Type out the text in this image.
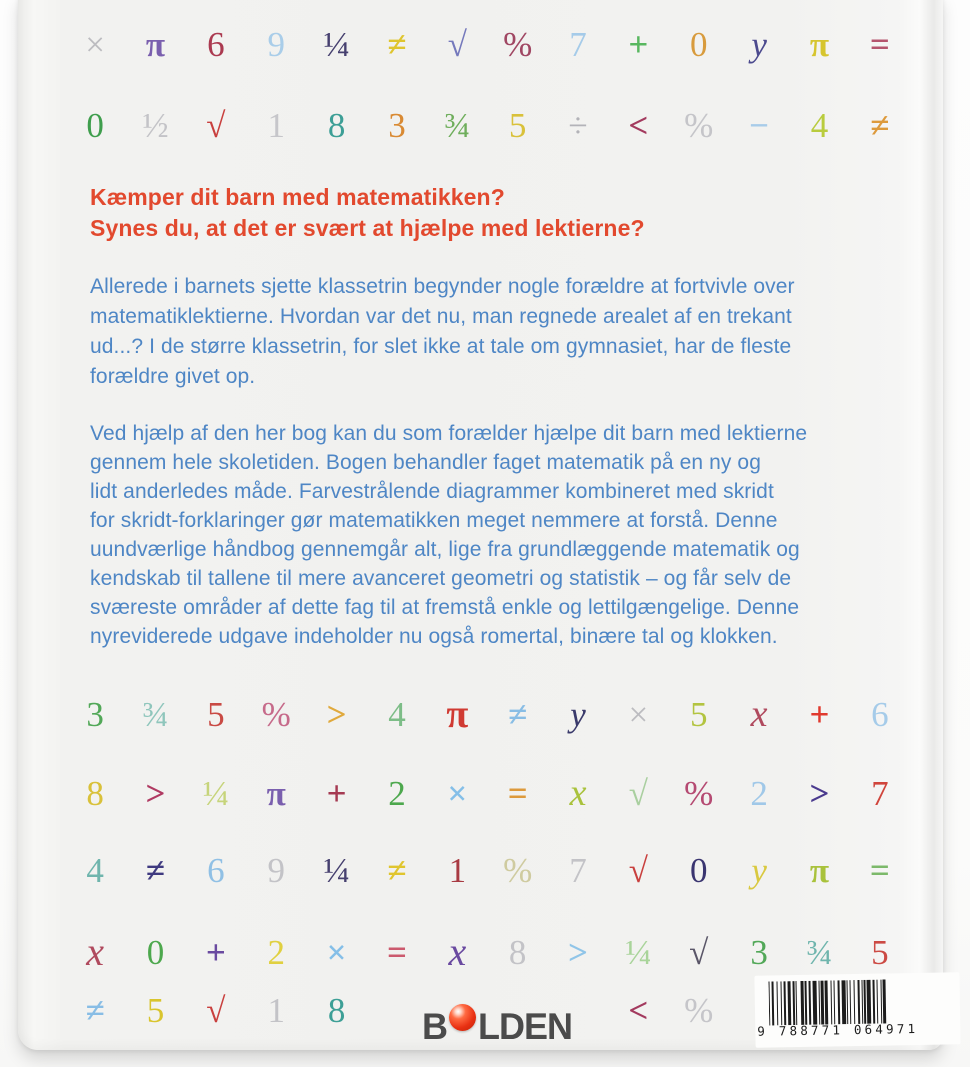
× π 6 9 ¼ ≠ √ % 7 + 0 y π =
0 ½ √ 1 8 3 ¾ 5 ÷ < % − 4 ≠
Kæmper dit barn med matematikken?
Synes du, at det er svært at hjælpe med lektierne?
Allerede i barnets sjette klassetrin begynder nogle forældre at fortvivle over
matematiklektierne. Hvordan var det nu, man regnede arealet af en trekant
ud...? I de større klassetrin, for slet ikke at tale om gymnasiet, har de fleste
forældre givet op.
Ved hjælp af den her bog kan du som forælder hjælpe dit barn med lektierne
gennem hele skoletiden. Bogen behandler faget matematik på en ny og
lidt anderledes måde. Farvestrålende diagrammer kombineret med skridt
for skridt-forklaringer gør matematikken meget nemmere at forstå. Denne
uundværlige håndbog gennemgår alt, lige fra grundlæggende matematik og
kendskab til tallene til mere avanceret geometri og statistik – og får selv de
sværeste områder af dette fag til at fremstå enkle og lettilgængelige. Denne
nyreviderede udgave indeholder nu også romertal, binære tal og klokken.
3 ¾ 5 % > 4 π ≠ y × 5 x + 6
8 > ¼ π + 2 × = x √ % 2 > 7
4 ≠ 6 9 ¼ ≠ 1 % 7 √ 0 y π =
x 0 + 2 × = x 8 > ¼ √ 3 ¾ 5
≠ 5 √ 1 8	< %
B LDEN	9 788771 064971
